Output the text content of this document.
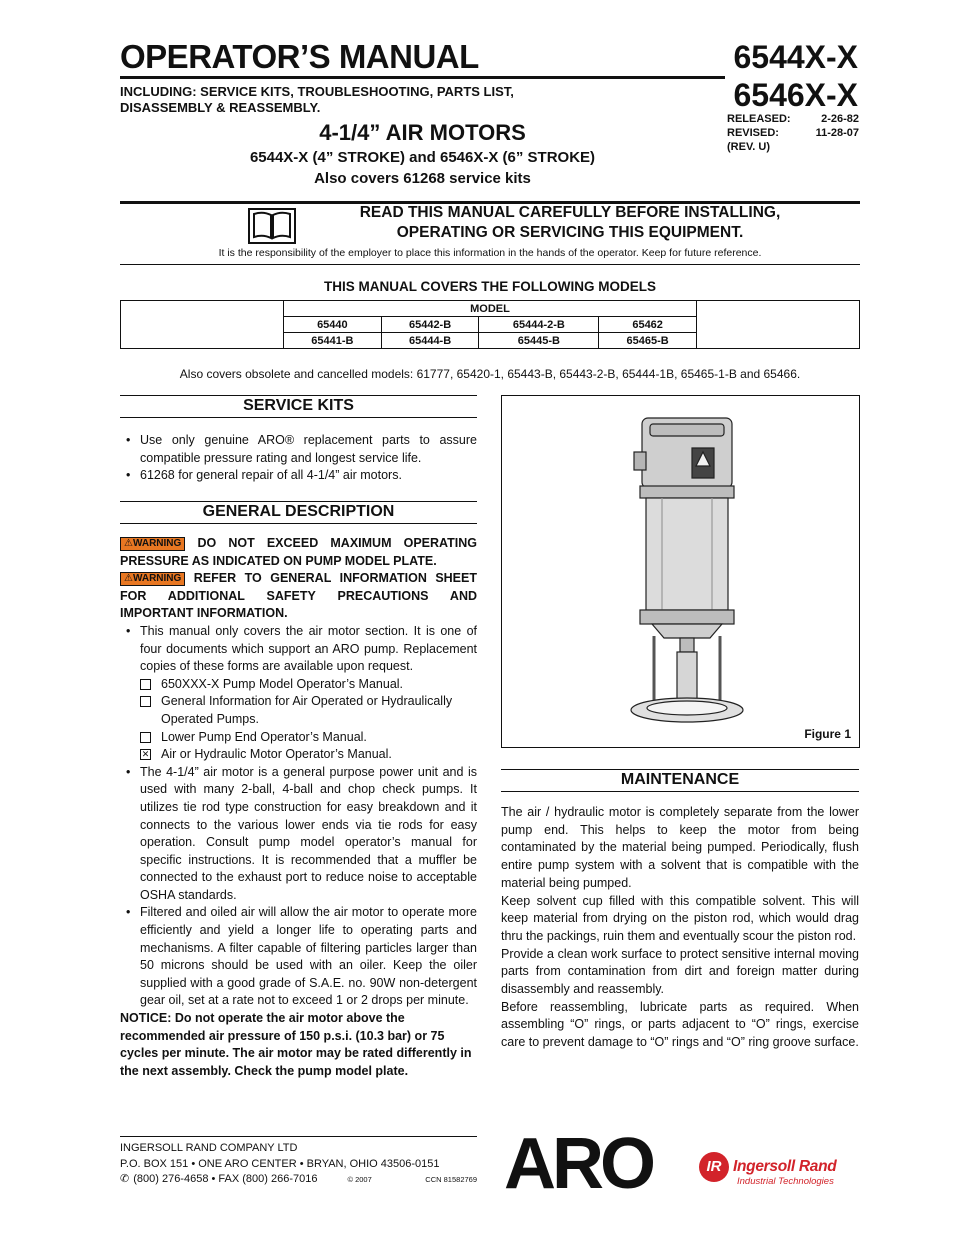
OPERATOR’S MANUAL	6544X-X
6546X-X
INCLUDING: SERVICE KITS, TROUBLESHOOTING, PARTS LIST, DISASSEMBLY & REASSEMBLY.
RELEASED:	2-26-82
REVISED:	11-28-07
(REV. U)
4-1/4” AIR MOTORS
6544X-X (4” STROKE) and 6546X-X (6” STROKE)
Also covers 61268 service kits
READ THIS MANUAL CAREFULLY BEFORE INSTALLING,
OPERATING OR SERVICING THIS EQUIPMENT.
It is the responsibility of the employer to place this information in the hands of the operator. Keep for future reference.
THIS MANUAL COVERS THE FOLLOWING MODELS
	MODEL				
	65440	65442-B	65444-2-B	65462	
	65441-B	65444-B	65445-B	65465-B	
Also covers obsolete and cancelled models: 61777, 65420-1, 65443-B, 65443-2-B, 65444-1B, 65465-1-B and 65466.
SERVICE KITS
• Use only genuine ARO® replacement parts to assure compatible pressure rating and longest service life.
• 61268 for general repair of all 4-1/4” air motors.
GENERAL DESCRIPTION
⚠WARNING DO NOT EXCEED MAXIMUM OPERATING PRESSURE AS INDICATED ON PUMP MODEL PLATE.
⚠WARNING REFER TO GENERAL INFORMATION SHEET FOR ADDITIONAL SAFETY PRECAUTIONS AND IMPORTANT INFORMATION.
• This manual only covers the air motor section. It is one of four documents which support an ARO pump. Replacement copies of these forms are available upon request.
650XXX-X Pump Model Operator’s Manual.
General Information for Air Operated or Hydraulically Operated Pumps.
Lower Pump End Operator’s Manual.
✕ Air or Hydraulic Motor Operator’s Manual.
• The 4-1/4” air motor is a general purpose power unit and is used with many 2-ball, 4-ball and chop check pumps. It utilizes tie rod type construction for easy breakdown and it connects to the various lower ends via tie rods for easy operation. Consult pump model operator’s manual for specific instructions. It is recommended that a muffler be connected to the exhaust port to reduce noise to acceptable OSHA standards.
• Filtered and oiled air will allow the air motor to operate more efficiently and yield a longer life to operating parts and mechanisms. A filter capable of filtering particles larger than 50 microns should be used with an oiler. Keep the oiler supplied with a good grade of S.A.E. no. 90W non-detergent gear oil, set at a rate not to exceed 1 or 2 drops per minute.
NOTICE: Do not operate the air motor above the recommended air pressure of 150 p.s.i. (10.3 bar) or 75 cycles per minute. The air motor may be rated differently in the next assembly. Check the pump model plate.
Figure 1
MAINTENANCE

The air / hydraulic motor is completely separate from the lower pump end. This helps to keep the motor from being contaminated by the material being pumped. Periodically, flush entire pump system with a solvent that is compatible with the material being pumped.

Keep solvent cup filled with this compatible solvent. This will keep material from drying on the piston rod, which would drag thru the packings, ruin them and eventually scour the piston rod.

Provide a clean work surface to protect sensitive internal moving parts from contamination from dirt and foreign matter during disassembly and reassembly.

Before reassembling, lubricate parts as required. When assembling “O” rings, or parts adjacent to “O” rings, exercise care to prevent damage to “O” rings and “O” ring groove surface.

INGERSOLL RAND COMPANY LTD
P.O. BOX 151 • ONE ARO CENTER • BRYAN, OHIO 43506-0151
✆ (800) 276-4658 • FAX (800) 266-7016	© 2007	CCN 81582769 ARO	IR Ingersoll Rand
Industrial Technologies
